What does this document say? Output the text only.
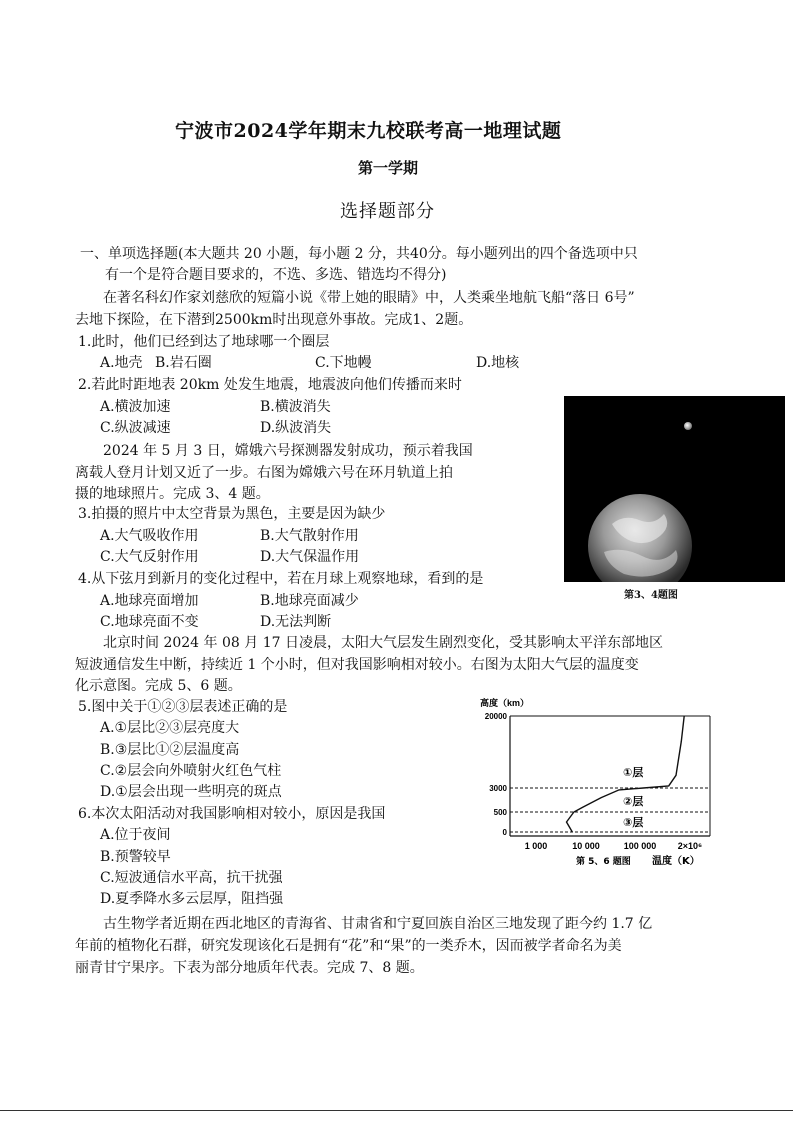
宁波市2024学年期末九校联考高一地理试题
第一学期
选择题部分
一、单项选择题(本大题共 20 小题，每小题 2 分，共40分。每小题列出的四个备选项中只
有一个是符合题目要求的，不选、多选、错选均不得分)
在著名科幻作家刘慈欣的短篇小说《带上她的眼睛》中，人类乘坐地航飞船“落日 6号”
去地下探险，在下潜到2500km时出现意外事故。完成1、2题。
1.此时，他们已经到达了地球哪一个圈层
A.地壳 B.岩石圈	C.下地幔	D.地核
2.若此时距地表 20km 处发生地震，地震波向他们传播而来时
A.横波加速	B.横波消失
C.纵波减速	D.纵波消失
2024 年 5 月 3 日，嫦娥六号探测器发射成功，预示着我国
离载人登月计划又近了一步。右图为嫦娥六号在环月轨道上拍
摄的地球照片。完成 3、4 题。
3.拍摄的照片中太空背景为黑色，主要是因为缺少
A.大气吸收作用	B.大气散射作用
C.大气反射作用	D.大气保温作用
4.从下弦月到新月的变化过程中，若在月球上观察地球，看到的是
A.地球亮面增加	B.地球亮面减少
C.地球亮面不变	D.无法判断
第3、4题图
北京时间 2024 年 08 月 17 日凌晨，太阳大气层发生剧烈变化，受其影响太平洋东部地区
短波通信发生中断，持续近 1 个小时，但对我国影响相对较小。右图为太阳大气层的温度变
化示意图。完成 5、6 题。
5.图中关于①②③层表述正确的是
A.①层比②③层亮度大
B.③层比①②层温度高
C.②层会向外喷射火红色气柱
D.①层会出现一些明亮的斑点
6.本次太阳活动对我国影响相对较小，原因是我国
A.位于夜间
B.预警较早
C.短波通信水平高，抗干扰强
D.夏季降水多云层厚，阻挡强
高度（km）
20000
3000
500
0
1 000	10 000	100 000 2×10⁶
①层
②层
③层
第 5、6 题图 温度（K）
古生物学者近期在西北地区的青海省、甘肃省和宁夏回族自治区三地发现了距今约 1.7 亿
年前的植物化石群，研究发现该化石是拥有“花”和“果”的一类乔木，因而被学者命名为美
丽青甘宁果序。下表为部分地质年代表。完成 7、8 题。
